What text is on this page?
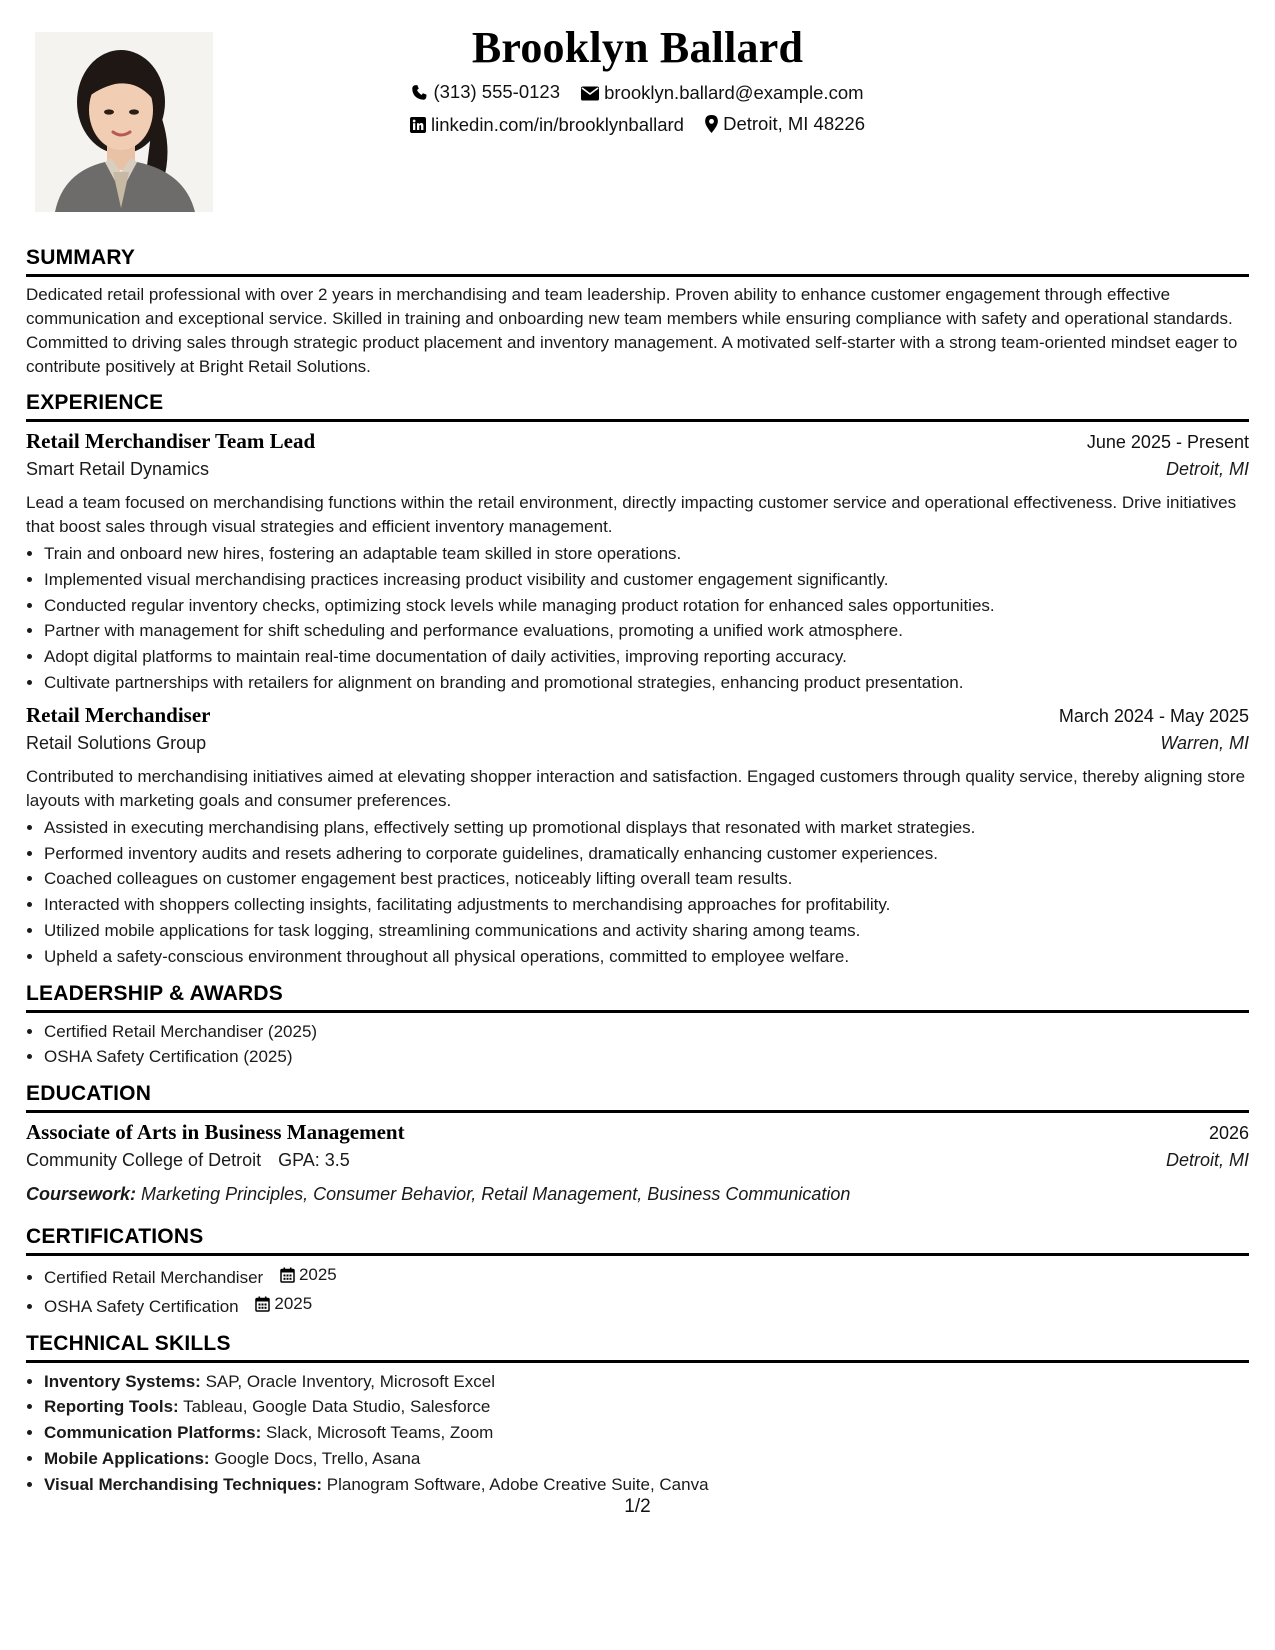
Brooklyn Ballard
(313) 555-0123
brooklyn.ballard@example.com
linkedin.com/in/brooklynballard
Detroit, MI 48226
SUMMARY

Dedicated retail professional with over 2 years in merchandising and team leadership. Proven ability to enhance customer engagement through effective communication and exceptional service. Skilled in training and onboarding new team members while ensuring compliance with safety and operational standards. Committed to driving sales through strategic product placement and inventory management. A motivated self-starter with a strong team-oriented mindset eager to contribute positively at Bright Retail Solutions.

EXPERIENCE
Retail Merchandiser Team Lead	June 2025 - Present
Smart Retail Dynamics	Detroit, MI

Lead a team focused on merchandising functions within the retail environment, directly impacting customer service and operational effectiveness. Drive initiatives that boost sales through visual strategies and efficient inventory management.

• Train and onboard new hires, fostering an adaptable team skilled in store operations.
• Implemented visual merchandising practices increasing product visibility and customer engagement significantly.
• Conducted regular inventory checks, optimizing stock levels while managing product rotation for enhanced sales opportunities.
• Partner with management for shift scheduling and performance evaluations, promoting a unified work atmosphere.
• Adopt digital platforms to maintain real-time documentation of daily activities, improving reporting accuracy.
• Cultivate partnerships with retailers for alignment on branding and promotional strategies, enhancing product presentation.
Retail Merchandiser	March 2024 - May 2025
Retail Solutions Group	Warren, MI

Contributed to merchandising initiatives aimed at elevating shopper interaction and satisfaction. Engaged customers through quality service, thereby aligning store layouts with marketing goals and consumer preferences.

• Assisted in executing merchandising plans, effectively setting up promotional displays that resonated with market strategies.
• Performed inventory audits and resets adhering to corporate guidelines, dramatically enhancing customer experiences.
• Coached colleagues on customer engagement best practices, noticeably lifting overall team results.
• Interacted with shoppers collecting insights, facilitating adjustments to merchandising approaches for profitability.
• Utilized mobile applications for task logging, streamlining communications and activity sharing among teams.
• Upheld a safety-conscious environment throughout all physical operations, committed to employee welfare.
LEADERSHIP & AWARDS
• Certified Retail Merchandiser (2025)
• OSHA Safety Certification (2025)
EDUCATION
Associate of Arts in Business Management	2026
Community College of Detroit GPA: 3.5	Detroit, MI
Coursework: Marketing Principles, Consumer Behavior, Retail Management, Business Communication
CERTIFICATIONS
• Certified Retail Merchandiser 2025
• OSHA Safety Certification 2025
TECHNICAL SKILLS
• Inventory Systems: SAP, Oracle Inventory, Microsoft Excel
• Reporting Tools: Tableau, Google Data Studio, Salesforce
• Communication Platforms: Slack, Microsoft Teams, Zoom
• Mobile Applications: Google Docs, Trello, Asana
• Visual Merchandising Techniques: Planogram Software, Adobe Creative Suite, Canva
1/2
